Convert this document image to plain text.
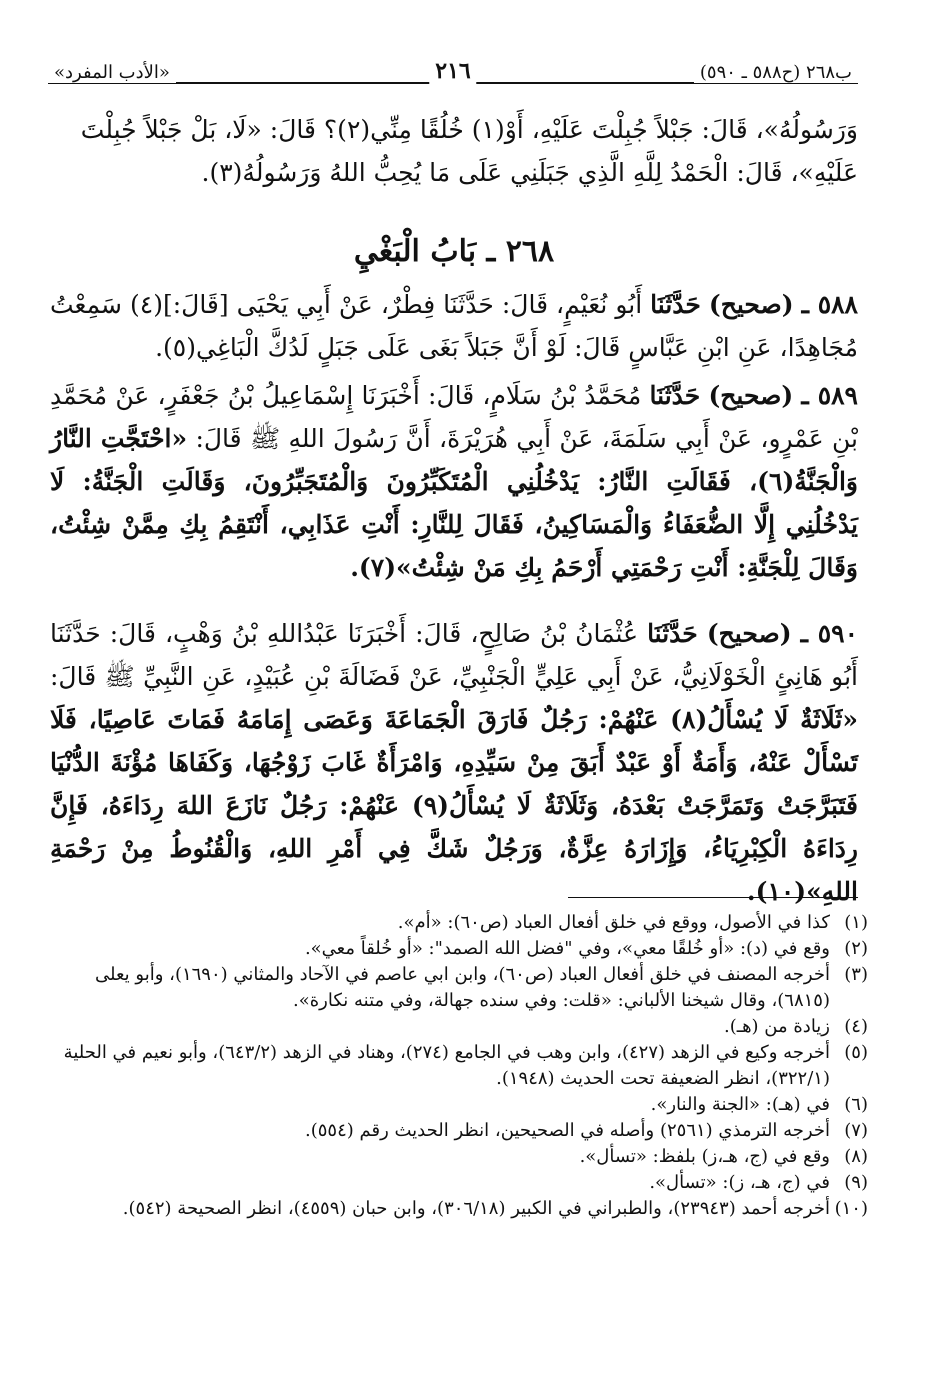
«الأدب المفرد»	٢١٦	ب٢٦٨ (ح٥٨٨ ـ ٥٩٠)

وَرَسُولُهُ»، قَالَ: جَبْلاً جُبِلْتَ عَلَيْهِ، أَوْ(١) خُلُقًا مِنِّي(٢)؟ قَالَ: «لَا، بَلْ جَبْلاً جُبِلْتَ

عَلَيْهِ»، قَالَ: الْحَمْدُ لِلَّهِ الَّذِي جَبَلَنِي عَلَى مَا يُحِبُّ اللهُ وَرَسُولُهُ(٣).

٢٦٨ ـ بَابُ الْبَغْيِ

٥٨٨ ـ (صحيح) حَدَّثَنَا أَبُو نُعَيْمٍ، قَالَ: حَدَّثَنَا فِطْرٌ، عَنْ أَبِي يَحْيَى [قَالَ:](٤) سَمِعْتُ مُجَاهِدًا، عَنِ ابْنِ عَبَّاسٍ قَالَ: لَوْ أَنَّ جَبَلاً بَغَى عَلَى جَبَلٍ لَدُكَّ الْبَاغِي(٥).

٥٨٩ ـ (صحيح) حَدَّثَنَا مُحَمَّدُ بْنُ سَلَامٍ، قَالَ: أَخْبَرَنَا إِسْمَاعِيلُ بْنُ جَعْفَرٍ، عَنْ مُحَمَّدِ بْنِ عَمْرٍو، عَنْ أَبِي سَلَمَةَ، عَنْ أَبِي هُرَيْرَةَ، أَنَّ رَسُولَ اللهِ ﷺ قَالَ: «احْتَجَّتِ النَّارُ وَالْجَنَّةُ(٦)، فَقَالَتِ النَّارُ: يَدْخُلُنِي الْمُتَكَبِّرُونَ وَالْمُتَجَبِّرُونَ، وَقَالَتِ الْجَنَّةُ: لَا يَدْخُلُنِي إِلَّا الضُّعَفَاءُ وَالْمَسَاكِينُ، فَقَالَ لِلنَّارِ: أَنْتِ عَذَابِي، أَنْتَقِمُ بِكِ مِمَّنْ شِئْتُ، وَقَالَ لِلْجَنَّةِ: أَنْتِ رَحْمَتِي أَرْحَمُ بِكِ مَنْ شِئْتُ»(٧).

٥٩٠ ـ (صحيح) حَدَّثَنَا عُثْمَانُ بْنُ صَالِحٍ، قَالَ: أَخْبَرَنَا عَبْدُاللهِ بْنُ وَهْبٍ، قَالَ: حَدَّثَنَا أَبُو هَانِئٍ الْخَوْلَانِيُّ، عَنْ أَبِي عَلِيٍّ الْجَنْبِيِّ، عَنْ فَضَالَةَ بْنِ عُبَيْدٍ، عَنِ النَّبِيِّ ﷺ قَالَ: «ثَلَاثَةٌ لَا يُسْأَلُ(٨) عَنْهُمْ: رَجُلٌ فَارَقَ الْجَمَاعَةَ وَعَصَى إِمَامَهُ فَمَاتَ عَاصِيًا، فَلَا تَسْأَلْ عَنْهُ، وَأَمَةٌ أَوْ عَبْدٌ أَبَقَ مِنْ سَيِّدِهِ، وَامْرَأَةٌ غَابَ زَوْجُهَا، وَكَفَاهَا مُؤْنَةَ الدُّنْيَا فَتَبَرَّجَتْ وَتَمَرَّجَتْ بَعْدَهُ، وَثَلَاثَةٌ لَا يُسْأَلُ(٩) عَنْهُمْ: رَجُلٌ نَازَعَ اللهَ رِدَاءَهُ، فَإِنَّ رِدَاءَهُ الْكِبْرِيَاءُ، وَإِزَارَهُ عِزَّةٌ، وَرَجُلٌ شَكَّ فِي أَمْرِ اللهِ، وَالْقُنُوطُ مِنْ رَحْمَةِ اللهِ»(١٠).

(١)
كذا في الأصول، ووقع في خلق أفعال العباد (ص٦٠): «أم».

(٢)
وقع في (د): «أو خُلقًا معي»، وفي "فضل الله الصمد": «أو خُلقاً معي».

(٣)
أخرجه المصنف في خلق أفعال العباد (ص٦٠)، وابن ابي عاصم في الآحاد والمثاني (١٦٩٠)، وأبو يعلى (٦٨١٥)، وقال شيخنا الألباني: «قلت: وفي سنده جهالة، وفي متنه نكارة».

(٤)
زيادة من (هـ).

(٥)
أخرجه وكيع في الزهد (٤٢٧)، وابن وهب في الجامع (٢٧٤)، وهناد في الزهد (٦٤٣/٢)، وأبو نعيم في الحلية (٣٢٢/١)، انظر الضعيفة تحت الحديث (١٩٤٨).

(٦)
في (هـ): «الجنة والنار».

(٧)
أخرجه الترمذي (٢٥٦١) وأصله في الصحيحين، انظر الحديث رقم (٥٥٤).

(٨)
وقع في (ج، هـ،ز) بلفظ: «تسأل».

(٩)
في (ج، هـ، ز): «تسأل».

(١٠)
أخرجه أحمد (٢٣٩٤٣)، والطبراني في الكبير (٣٠٦/١٨)، وابن حبان (٤٥٥٩)، انظر الصحيحة (٥٤٢).
